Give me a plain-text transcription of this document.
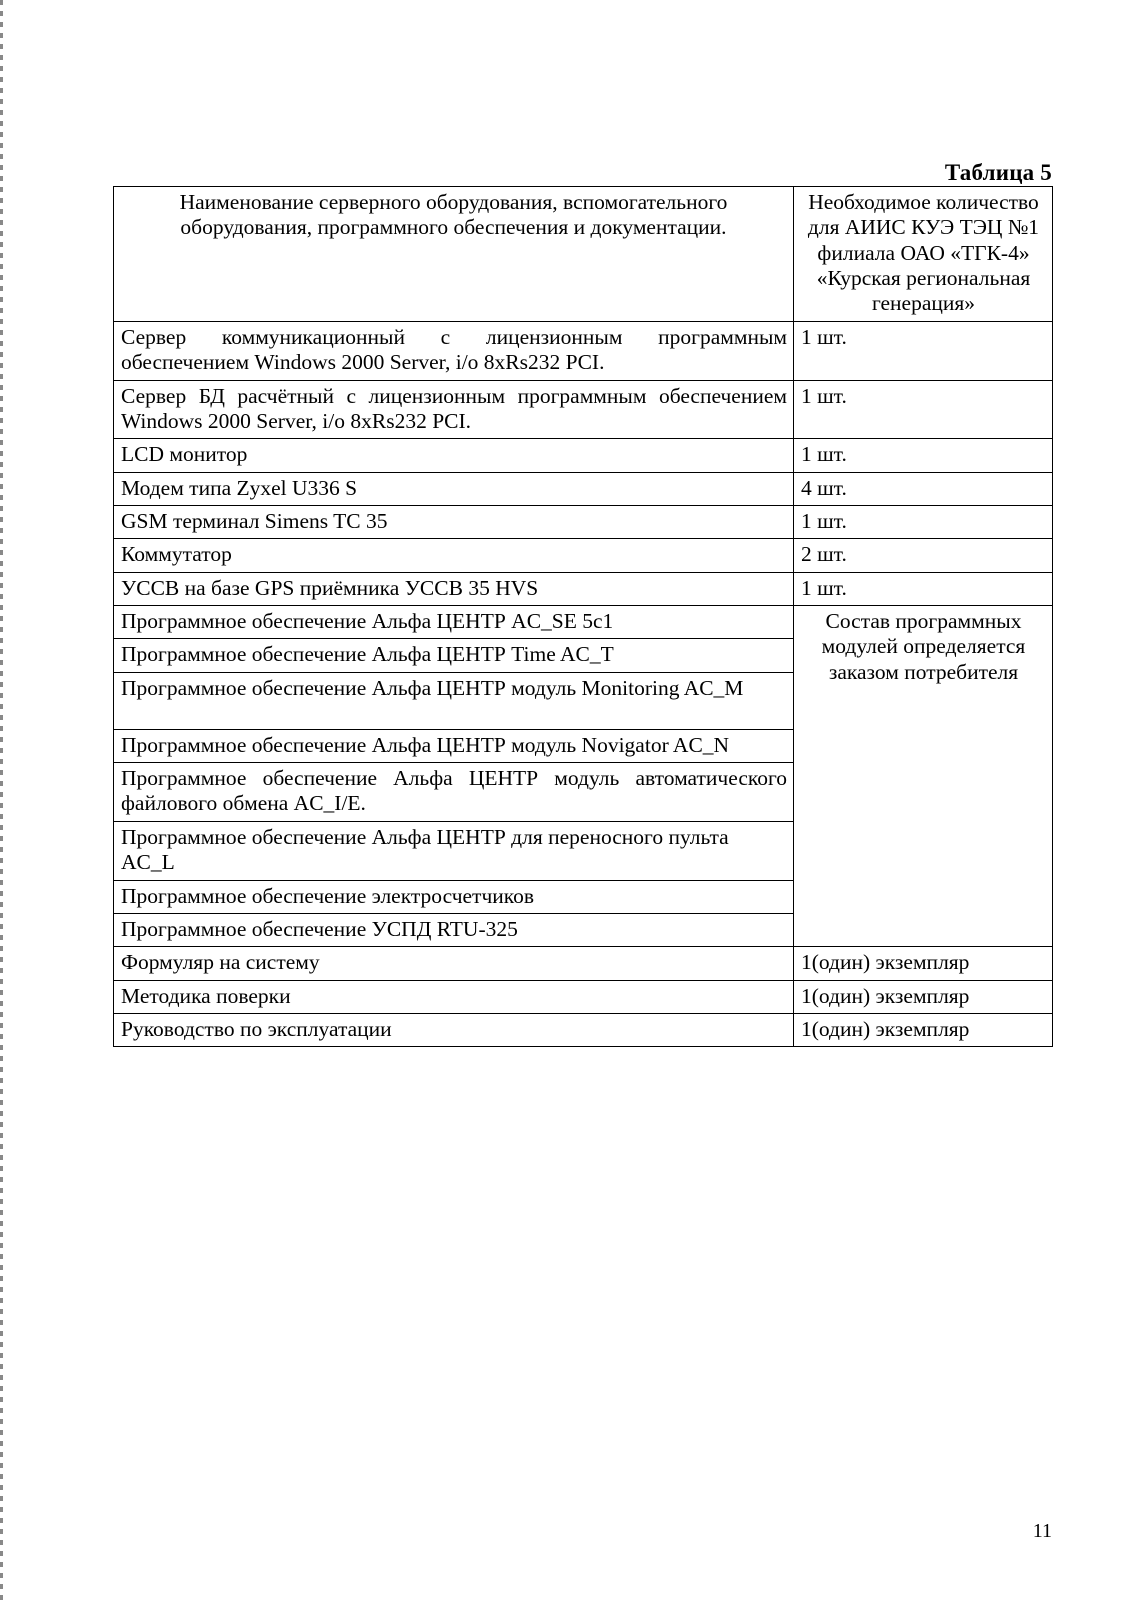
Таблица 5
Наименование серверного оборудования, вспомогательного оборудования, программного обеспечения и документации.	Необходимое количество для АИИС КУЭ ТЭЦ №1 филиала ОАО «ТГК-4» «Курская региональная генерация»
Сервер коммуникационный с лицензионным программным обеспечением Windows 2000 Server, i/o 8xRs232 PCI.	1 шт.
Сервер БД расчётный с лицензионным программным обеспечением Windows 2000 Server, i/o 8xRs232 PCI.	1 шт.
LCD монитор	1 шт.
Модем типа Zyxel U336 S	4 шт.
GSM терминал Simens TC 35	1 шт.
Коммутатор	2 шт.
УССВ на базе GPS приёмника УССВ 35 HVS	1 шт.
Программное обеспечение Альфа ЦЕНТР AC_SE 5c1	Состав программных модулей определяется заказом потребителя
Программное обеспечение Альфа ЦЕНТР Time AC_T	
Программное обеспечение Альфа ЦЕНТР модуль Monitoring AC_M	
Программное обеспечение Альфа ЦЕНТР модуль Novigator AC_N	
Программное обеспечение Альфа ЦЕНТР модуль автоматического файлового обмена AC_I/E.	
Программное обеспечение Альфа ЦЕНТР для переносного пульта AC_L	
Программное обеспечение электросчетчиков	
Программное обеспечение УСПД RTU-325	
Формуляр на систему	1(один) экземпляр
Методика поверки	1(один) экземпляр
Руководство по эксплуатации	1(один) экземпляр
11
